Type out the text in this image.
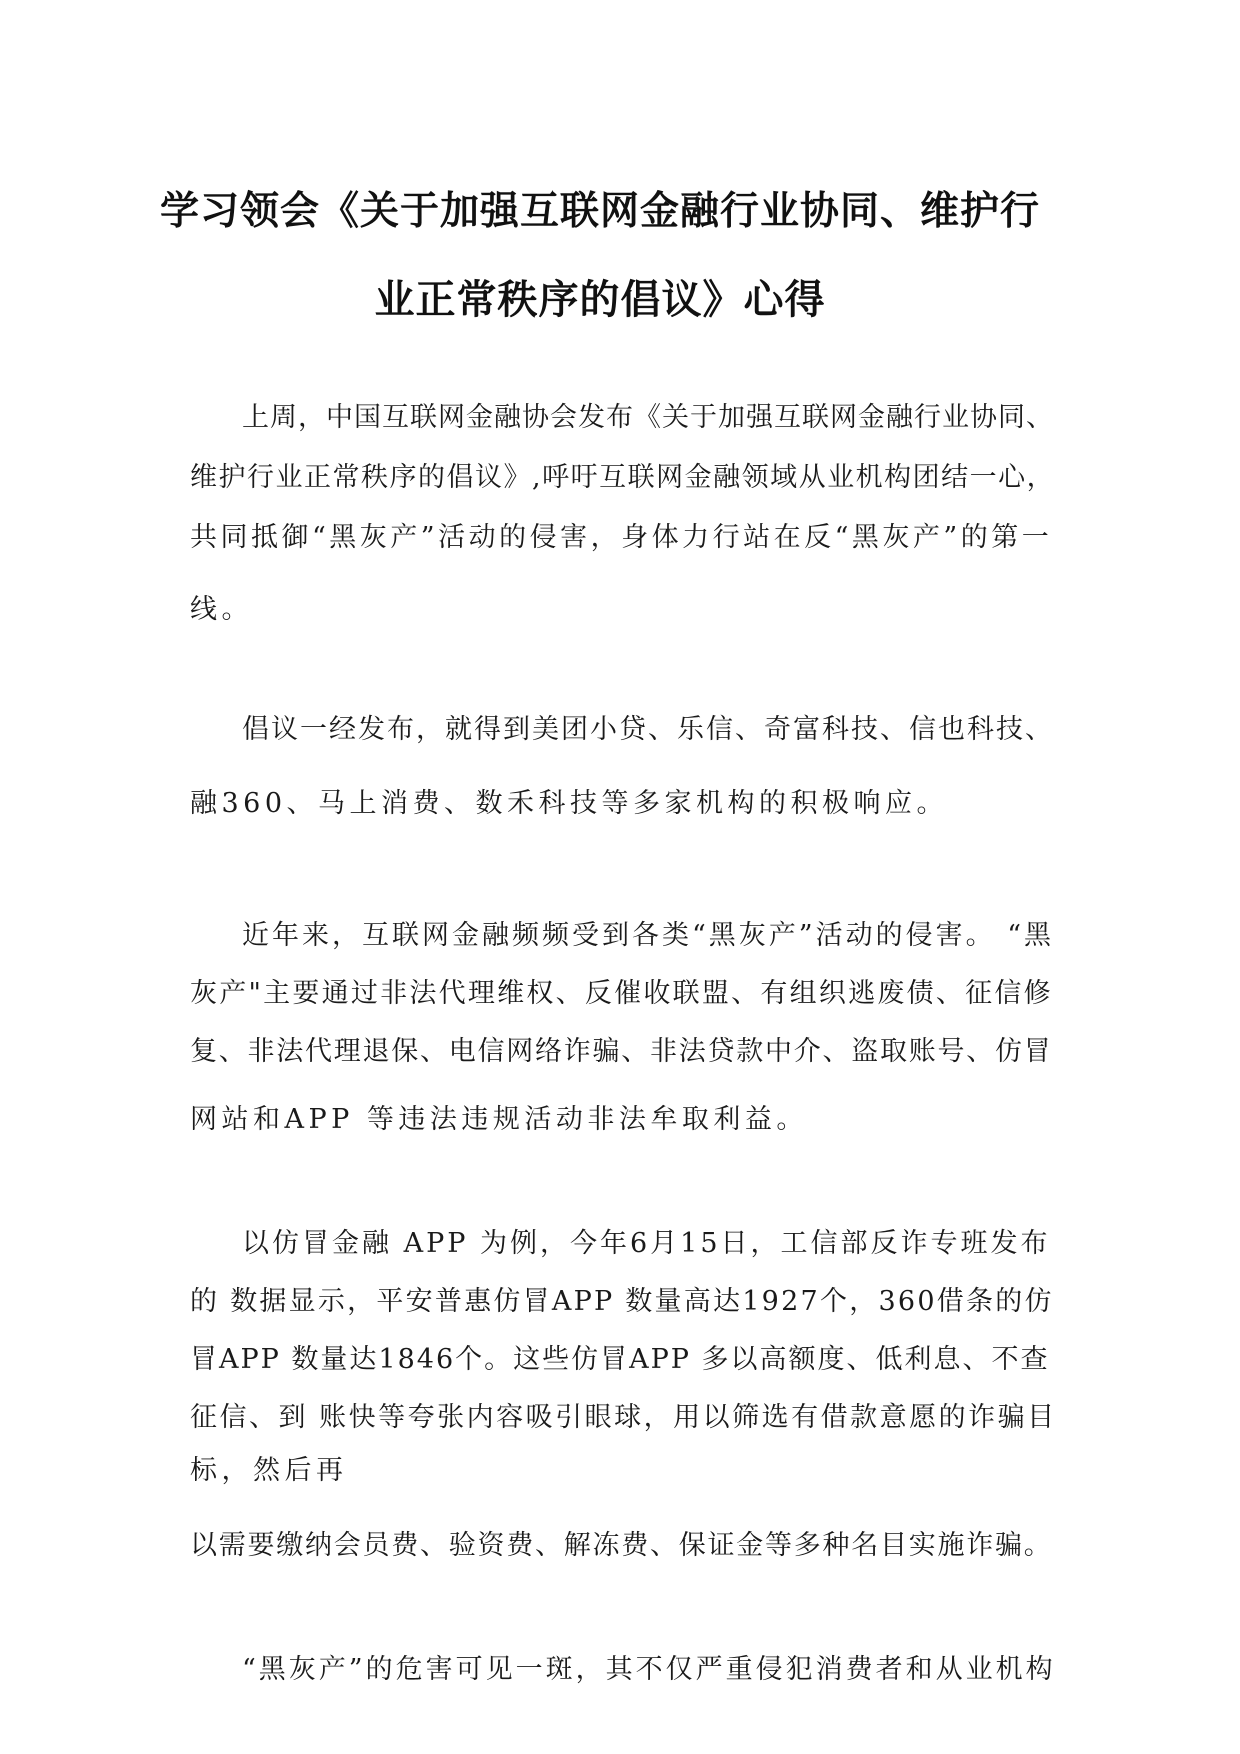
学习领会《关于加强互联网金融行业协同、维护行
业正常秩序的倡议》心得
上周，中国互联网金融协会发布《关于加强互联网金融行业协同、
维护行业正常秩序的倡议》,呼吁互联网金融领域从业机构团结一心，
共同抵御“黑灰产”活动的侵害，身体力行站在反“黑灰产”的第一
线。
倡议一经发布，就得到美团小贷、乐信、奇富科技、信也科技、
融360、马上消费、数禾科技等多家机构的积极响应。
近年来，互联网金融频频受到各类“黑灰产”活动的侵害。 “黑
灰产"主要通过非法代理维权、反催收联盟、有组织逃废债、征信修
复、非法代理退保、电信网络诈骗、非法贷款中介、盗取账号、仿冒
网站和APP 等违法违规活动非法牟取利益。
以仿冒金融 APP 为例，今年6月15日，工信部反诈专班发布
的 数据显示，平安普惠仿冒APP 数量高达1927个，360借条的仿
冒APP 数量达1846个。这些仿冒APP 多以高额度、低利息、不查
征信、到 账快等夸张内容吸引眼球，用以筛选有借款意愿的诈骗目
标，然后再
以需要缴纳会员费、验资费、解冻费、保证金等多种名目实施诈骗。
“黑灰产”的危害可见一斑，其不仅严重侵犯消费者和从业机构
